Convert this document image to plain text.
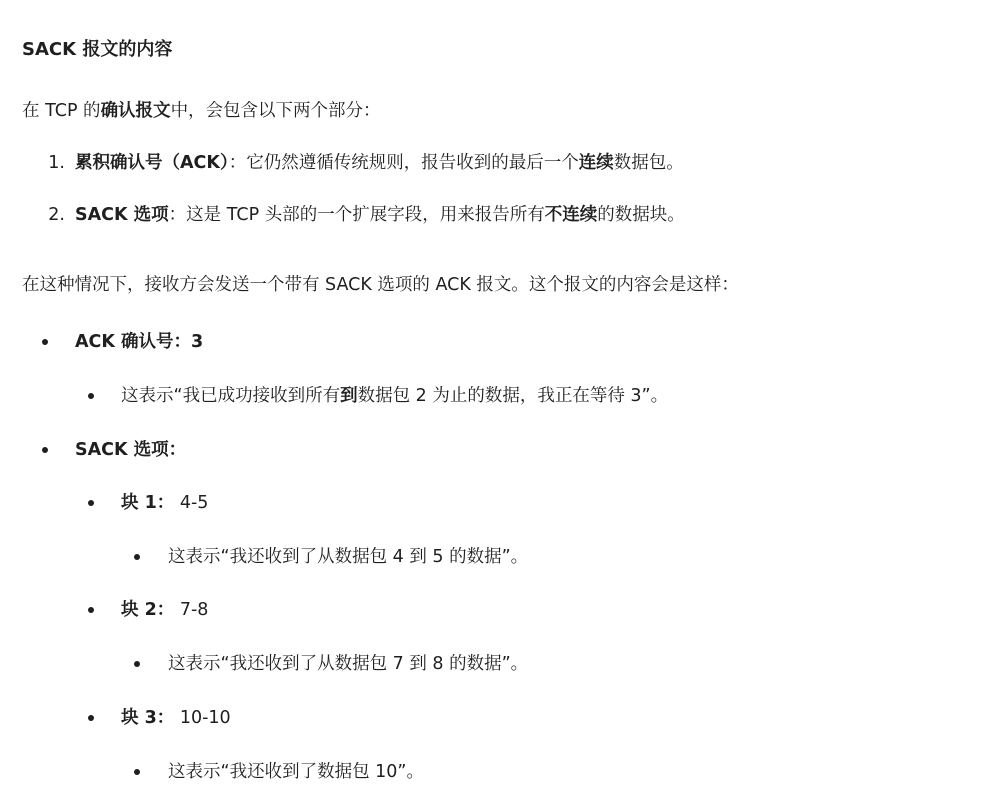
SACK 报文的内容
在 TCP 的确认报文中，会包含以下两个部分：
1. 累积确认号（ACK）：它仍然遵循传统规则，报告收到的最后一个连续数据包。
2. SACK 选项：这是 TCP 头部的一个扩展字段，用来报告所有不连续的数据块。
在这种情况下，接收方会发送一个带有 SACK 选项的 ACK 报文。这个报文的内容会是这样：
ACK 确认号：3
这表示“我已成功接收到所有到数据包 2 为止的数据，我正在等待 3”。
SACK 选项：
块 1： 4-5
这表示“我还收到了从数据包 4 到 5 的数据”。
块 2： 7-8
这表示“我还收到了从数据包 7 到 8 的数据”。
块 3： 10-10
这表示“我还收到了数据包 10”。
